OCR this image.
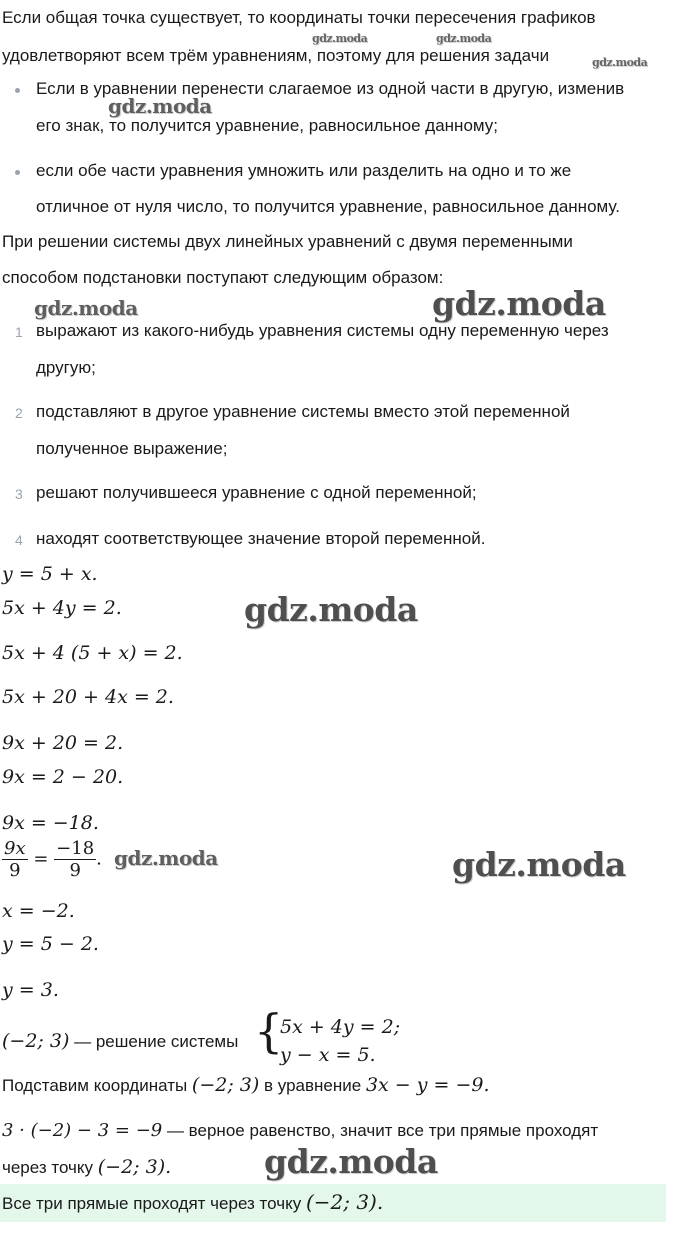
Если общая точка существует, то координаты точки пересечения графиков
удовлетворяют всем трём уравнениям, поэтому для решения задачи
Если в уравнении перенести слагаемое из одной части в другую, изменив
его знак, то получится уравнение, равносильное данному;
если обе части уравнения умножить или разделить на одно и то же
отличное от нуля число, то получится уравнение, равносильное данному.
При решении системы двух линейных уравнений с двумя переменными
способом подстановки поступают следующим образом:
1 выражают из какого-нибудь уравнения системы одну переменную через
другую;
2 подставляют в другое уравнение системы вместо этой переменной
полученное выражение;
3 решают получившееся уравнение с одной переменной;
4 находят соответствующее значение второй переменной.
y = 5 + x.
5x + 4y = 2.
5x + 4 (5 + x) = 2.
5x + 20 + 4x = 2.
9x + 20 = 2.
9x = 2 − 20.
9x = −18.
$\frac{9x}{9} = \frac{-18}{9}$ .
x = −2.
y = 5 − 2.
y = 3.
(−2; 3) — решение системы {
5x + 4y = 2;
y − x = 5.
Подставим координаты (−2; 3) в уравнение 3x − y = −9.
3 · (−2) − 3 = −9 — верное равенство, значит все три прямые проходят
через точку (−2; 3).
Все три прямые проходят через точку (−2; 3).
gdz.moda	gdz.moda
gdz.moda
gdz.moda
gdz.moda	gdz.moda
gdz.moda
gdz.moda	gdz.moda
gdz.moda
